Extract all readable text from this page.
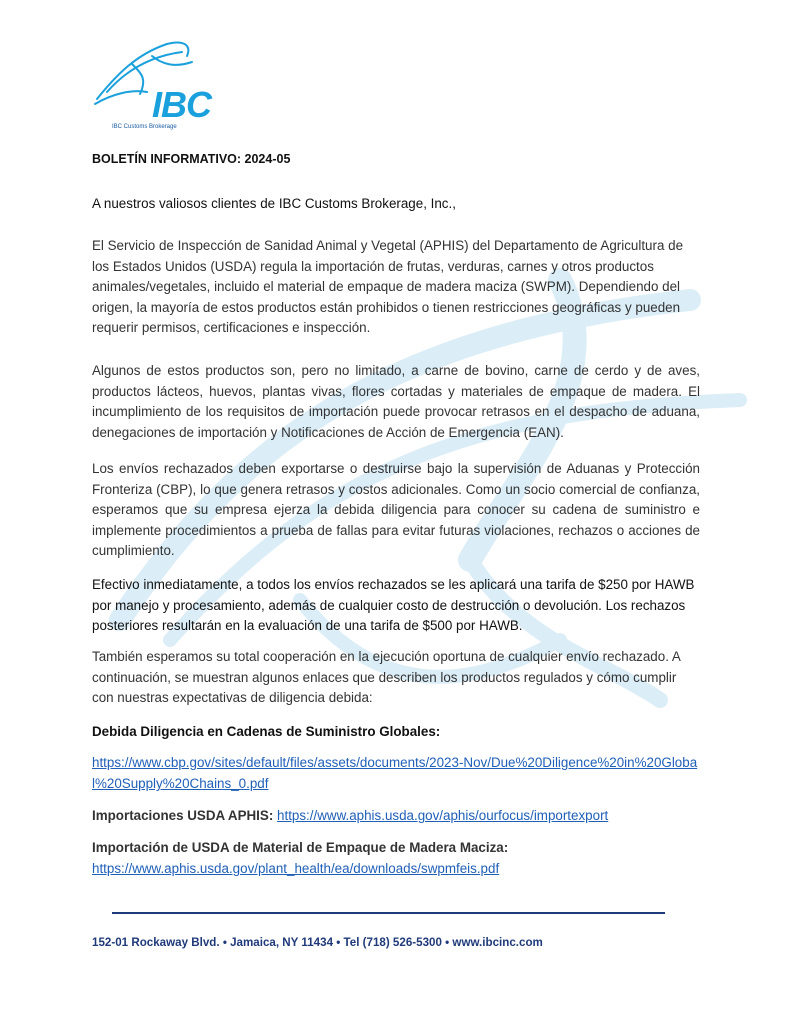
IBC
IBC Customs Brokerage
BOLETÍN INFORMATIVO: 2024-05
A nuestros valiosos clientes de IBC Customs Brokerage, Inc.,

El Servicio de Inspección de Sanidad Animal y Vegetal (APHIS) del Departamento de Agricultura de los Estados Unidos (USDA) regula la importación de frutas, verduras, carnes y otros productos animales/vegetales, incluido el material de empaque de madera maciza (SWPM). Dependiendo del origen, la mayoría de estos productos están prohibidos o tienen restricciones geográficas y pueden requerir permisos, certificaciones e inspección.

Algunos de estos productos son, pero no limitado, a carne de bovino, carne de cerdo y de aves, productos lácteos, huevos, plantas vivas, flores cortadas y materiales de empaque de madera. El incumplimiento de los requisitos de importación puede provocar retrasos en el despacho de aduana, denegaciones de importación y Notificaciones de Acción de Emergencia (EAN).

Los envíos rechazados deben exportarse o destruirse bajo la supervisión de Aduanas y Protección Fronteriza (CBP), lo que genera retrasos y costos adicionales. Como un socio comercial de confianza, esperamos que su empresa ejerza la debida diligencia para conocer su cadena de suministro e implemente procedimientos a prueba de fallas para evitar futuras violaciones, rechazos o acciones de cumplimiento.

Efectivo inmediatamente, a todos los envíos rechazados se les aplicará una tarifa de $250 por HAWB por manejo y procesamiento, además de cualquier costo de destrucción o devolución. Los rechazos posteriores resultarán en la evaluación de una tarifa de $500 por HAWB.

También esperamos su total cooperación en la ejecución oportuna de cualquier envío rechazado. A continuación, se muestran algunos enlaces que describen los productos regulados y cómo cumplir con nuestras expectativas de diligencia debida:

Debida Diligencia en Cadenas de Suministro Globales:
https://www.cbp.gov/sites/default/files/assets/documents/2023-Nov/Due%20Diligence%20in%20Global%20Supply%20Chains_0.pdf
Importaciones USDA APHIS: https://www.aphis.usda.gov/aphis/ourfocus/importexport
Importación de USDA de Material de Empaque de Madera Maciza:
https://www.aphis.usda.gov/plant_health/ea/downloads/swpmfeis.pdf
152-01 Rockaway Blvd. • Jamaica, NY 11434 • Tel (718) 526-5300 • www.ibcinc.com
